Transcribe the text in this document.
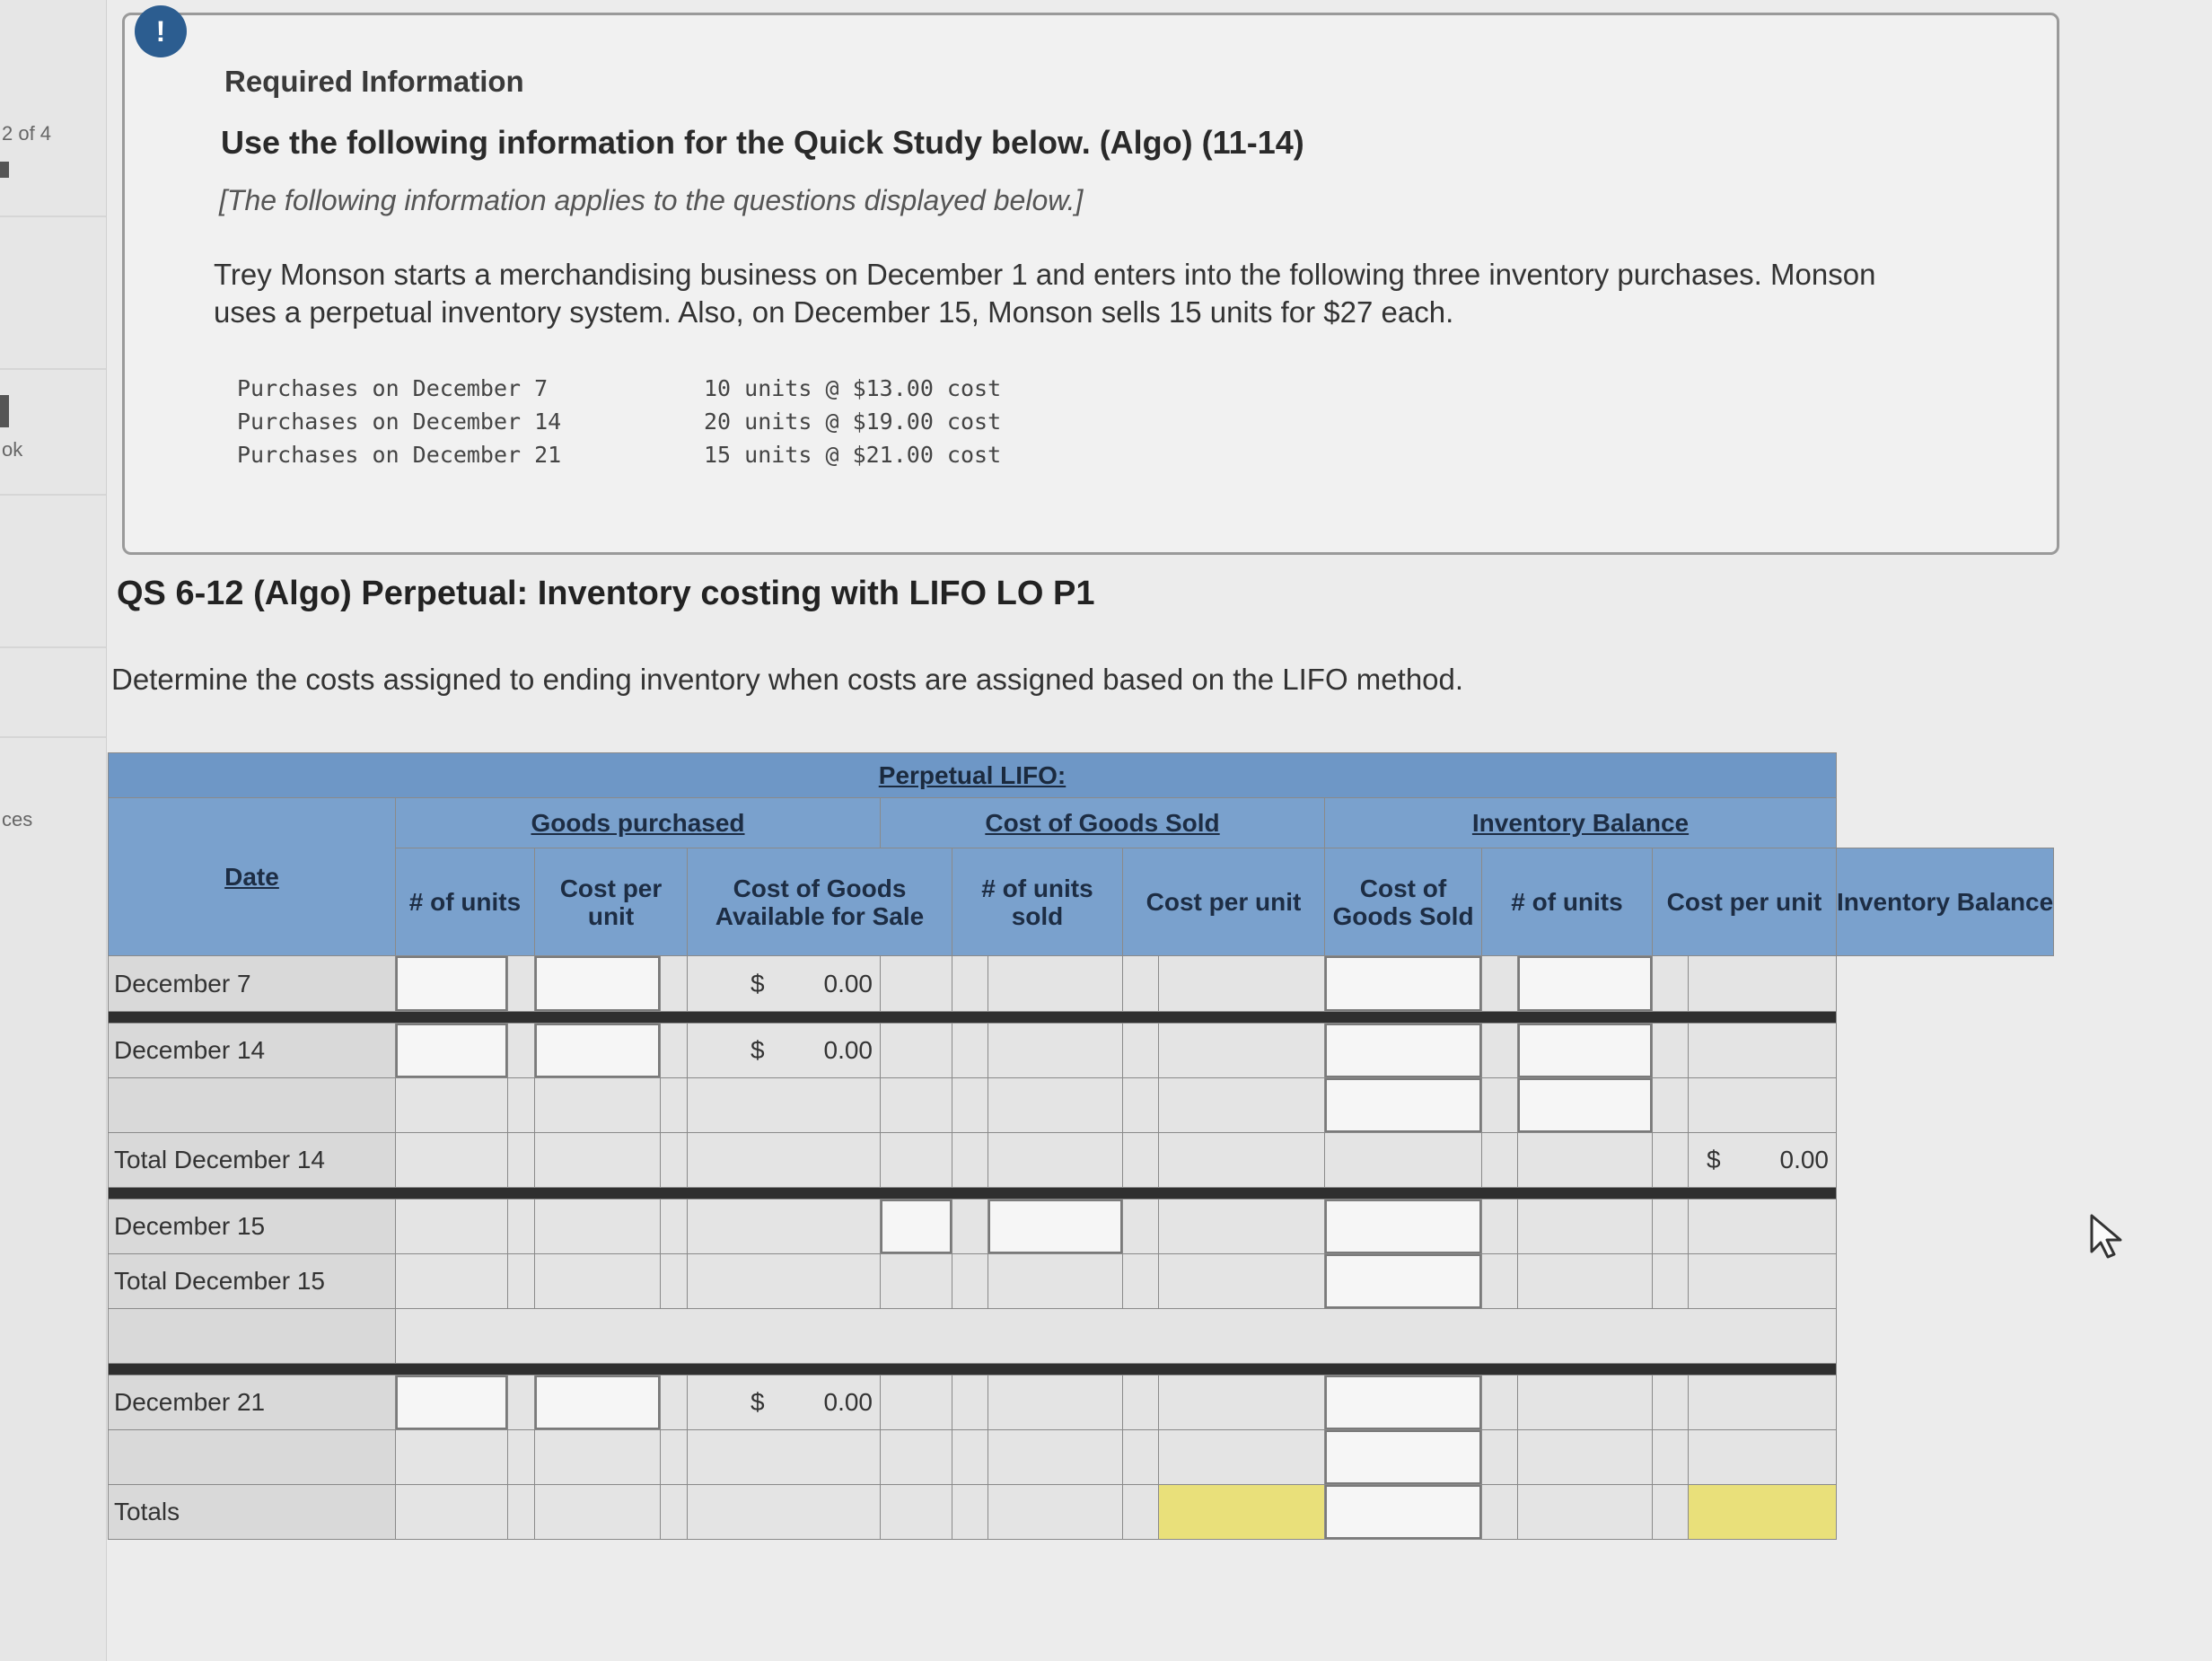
2 of 4
ok
ces
!
Required Information
Use the following information for the Quick Study below. (Algo) (11-14)
[The following information applies to the questions displayed below.]
Trey Monson starts a merchandising business on December 1 and enters into the following three inventory purchases. Monson uses a perpetual inventory system. Also, on December 15, Monson sells 15 units for $27 each.
Purchases on December 7	10 units @ $13.00 cost
Purchases on December 14	20 units @ $19.00 cost
Purchases on December 21	15 units @ $21.00 cost
QS 6-12 (Algo) Perpetual: Inventory costing with LIFO LO P1
Determine the costs assigned to ending inventory when costs are assigned based on the LIFO method.
Perpetual LIFO:																
Date	Goods purchased					Cost of Goods Sold					Inventory Balance					
	# of units		Cost per unit		Cost of Goods Available for Sale		# of units sold		Cost per unit		Cost of Goods Sold	# of units		Cost per unit		Inventory Balance
December 7					$ 0.00											

December 14					$ 0.00											

Total December 14															$ 0.00	

December 15																
Total December 15																

December 21					$ 0.00											

Totals																
